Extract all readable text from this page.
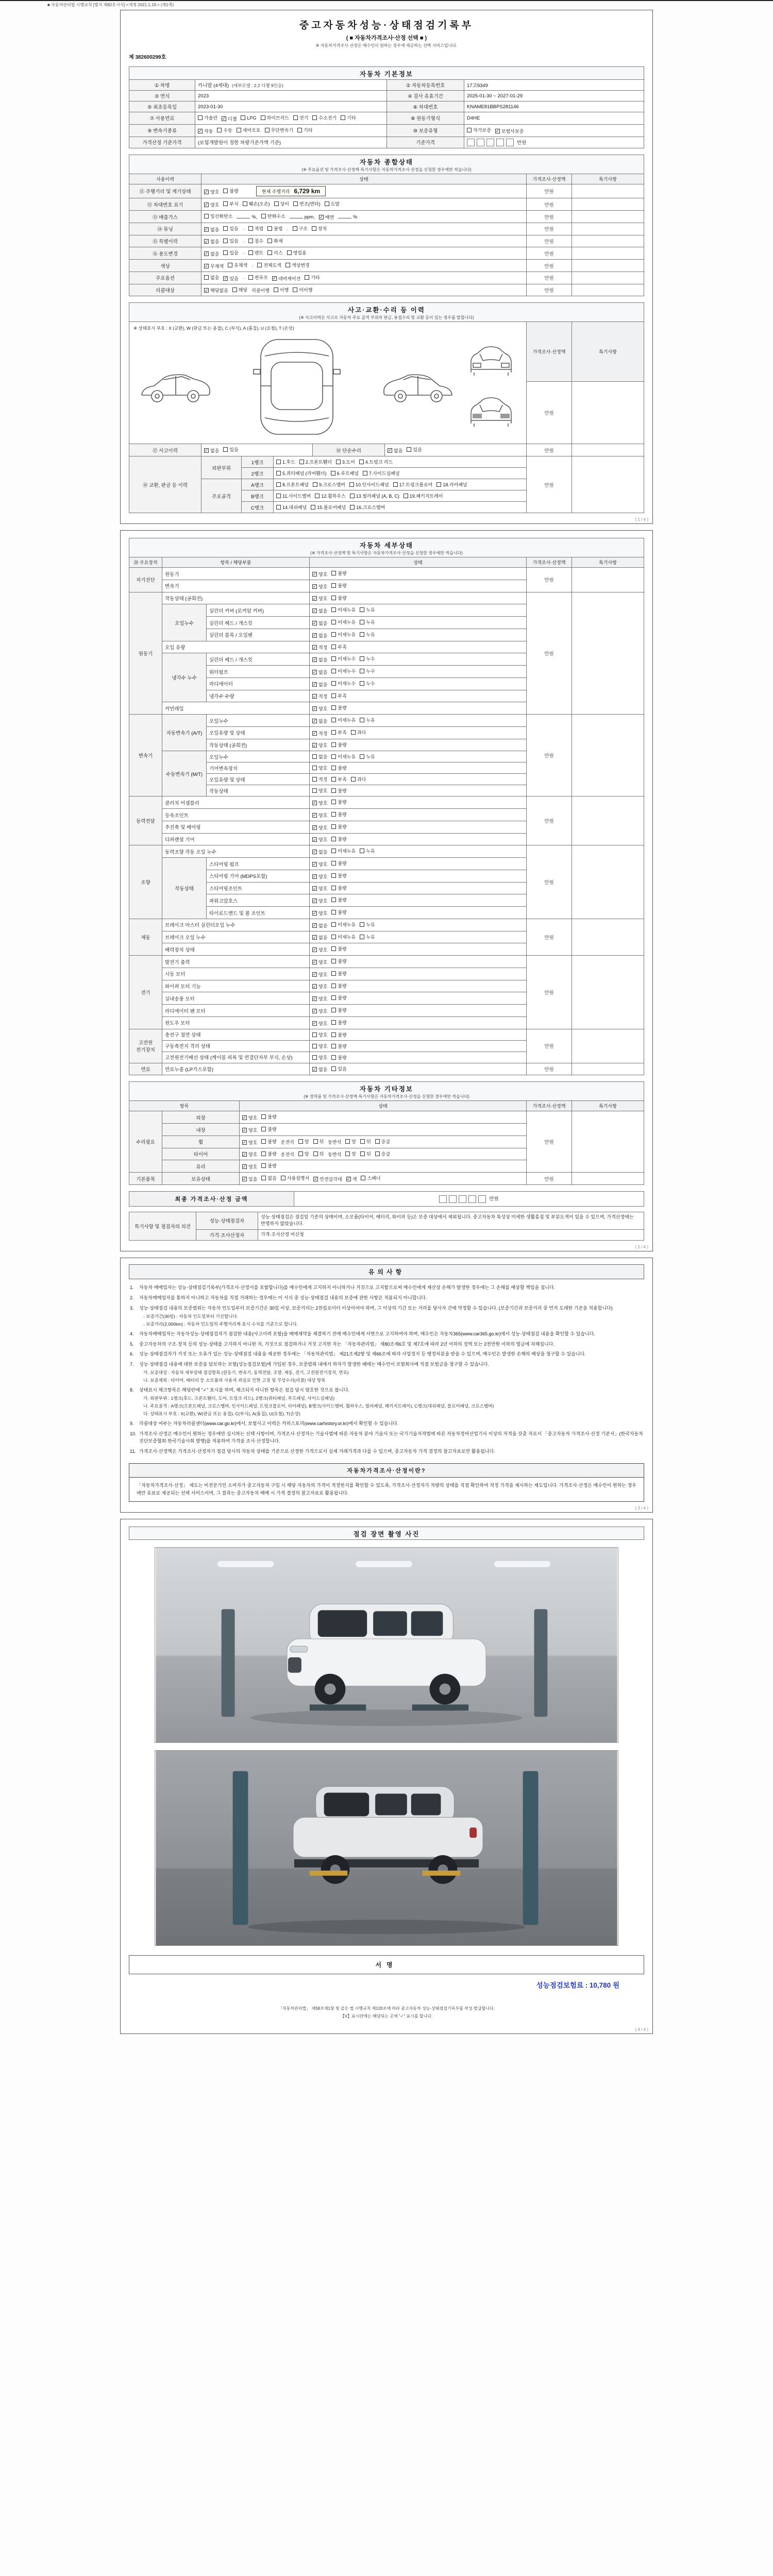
■ 자동차관리법 시행규칙 [별지 제82호서식] <개정 2021.1.19.> (제1쪽)
중고자동차성능·상태점검기록부
( ■ 자동차가격조사·산정 선택 ■ )
※ 자동차가격조사·산정은 매수인이 원하는 경우에 제공하는 선택 서비스입니다.
제 382600299호
자동차 기본정보
① 차명	카니발 (4세대) (세부모델 : 2.2 디젤 9인승)	② 자동차등록번호	17고9349
③ 연식	2023	④ 검사 유효기간	2025-01-30 ~ 2027-01-29
⑤ 최초등록일	2023-01-30	⑥ 차대번호	KNAME81BBPS281146
⑦ 사용연료	가솔린 ✓ 디젤 LPG 하이브리드 전기 수소전기 기타	⑧ 원동기형식	D4HE
⑨ 변속기종류	✓ 자동 수동 세미오토 무단변속기 기타	⑩ 보증유형	자가보증 ✓ 보험사보증

가격산정 기준가격	(보험개발원이 정한 차량기준가액 기준)	기준가격	만원
자동차 종합상태
(※ 주요옵션 및 가격조사·산정액·특기사항은 자동차가격조사·산정을 신청한 경우에만 적습니다)
사용이력	상태	가격조사·산정액	특기사항
⑪ 주행거리 및 계기상태	✓ 양호 불량 현재 주행거리 6,729 km	만원	
⑫ 차대번호 표기	✓ 양호 부식 훼손(오손) 상이 변조(변타) 도말	만원	
⑬ 배출가스	일산화탄소	%, 탄화수소	ppm, ✓ 매연	%	만원	
⑭ 튜닝	✓ 없음 있음 · 적법 불법 · 구조 장치	만원	
⑮ 특별이력	✓ 없음 있음 · 침수 화재	만원	
⑯ 용도변경	✓ 없음 있음 · 렌트 리스 영업용	만원	
색상	✓ 무채색 유채색 · 전체도색 색상변경	만원	
주요옵션	없음 ✓ 있음 · 썬루프 ✓ 네비게이션 기타	만원	
리콜대상	✓ 해당없음 해당 리콜이행 이행 미이행	만원	
사고·교환·수리 등 이력
(※ 사고이력은 사고로 자동차 주요 골격 부위의 판금, 용접수리 및 교환 등이 있는 경우를 말합니다)
※ 상태표시 부호 : X (교환), W (판금 또는 용접), C (부식), A (흠집), U (요철), T (손상)				가격조사·산정액	특기사항
				만원	
⑰ 사고이력	✓ 없음 있음	⑱ 단순수리	✓ 없음 있음	만원	
⑲ 교환, 판금 등 이력	외판부위	1랭크	1.후드 2.프론트휀더 3.도어 4.트렁크 리드	만원	
		2랭크	5.쿼터패널 (리어휀더) 6.루프패널 7.사이드실패널		

	주요골격	A랭크	8.프론트패널 9.크로스멤버 10.인사이드패널 17.트렁크플로어 18.리어패널		

		B랭크	11.사이드멤버 12.휠하우스 13.필러패널 (A, B, C) 19.패키지트레이		

		C랭크	14.대쉬패널 15.플로어패널 16.크로스멤버		
( 1 / 4 )
자동차 세부상태
(※ 가격조사·산정액 및 특기사항은 자동차가격조사·산정을 신청한 경우에만 적습니다)
⑳ 주요장치	항목 / 해당부품		상태	가격조사·산정액	특기사항
자기진단	원동기		✓ 양호 불량	만원	
	변속기		✓ 양호 불량		

원동기	작동상태 (공회전)		✓ 양호 불량	만원	
	오일누수	실린더 커버 (로커암 커버)	✓ 없음 미세누유 누유		

		실린더 헤드 / 개스킷	✓ 없음 미세누유 누유		

		실린더 블록 / 오일팬	✓ 없음 미세누유 누유		

	오일 유량		✓ 적정 부족		

	냉각수 누수	실린더 헤드 / 개스킷	✓ 없음 미세누수 누수		

		워터펌프	✓ 없음 미세누수 누수		

		라디에이터	✓ 없음 미세누수 누수		

		냉각수 수량	✓ 적정 부족		

	커먼레일		✓ 양호 불량		

변속기	자동변속기 (A/T)	오일누수	✓ 없음 미세누유 누유	만원	
		오일유량 및 상태	✓ 적정 부족 과다		

		작동상태 (공회전)	✓ 양호 불량		

	수동변속기 (M/T)	오일누수	없음 미세누유 누유		

		기어변속장치	양호 불량		

		오일유량 및 상태	적정 부족 과다		

		작동상태	양호 불량		

동력전달	클러치 어셈블리		✓ 양호 불량	만원	
	등속조인트		✓ 양호 불량		

	추진축 및 베어링		✓ 양호 불량		

	디퍼렌셜 기어		✓ 양호 불량		

조향	동력조향 작동 오일 누수		✓ 없음 미세누유 누유	만원	
	작동상태	스티어링 펌프	✓ 양호 불량		

		스티어링 기어 (MDPS포함)	✓ 양호 불량		

		스티어링조인트	✓ 양호 불량		

		파워고압호스	✓ 양호 불량		

		타이로드엔드 및 볼 조인트	✓ 양호 불량		

제동	브레이크 마스터 실린더오일 누수		✓ 없음 미세누유 누유	만원	
	브레이크 오일 누수		✓ 없음 미세누유 누유		

	배력장치 상태		✓ 양호 불량		

전기	발전기 출력		✓ 양호 불량	만원	
	시동 모터		✓ 양호 불량		

	와이퍼 모터 기능		✓ 양호 불량		

	실내송풍 모터		✓ 양호 불량		

	라디에이터 팬 모터		✓ 양호 불량		

	윈도우 모터		✓ 양호 불량		

고전원 전기장치	충전구 절연 상태		양호 불량	만원	
	구동축전지 격리 상태		양호 불량		

	고전원전기배선 상태 (케이블 피복 및 연결단자부 부식, 손상)		양호 불량		

연료	연료누출 (LP가스포함)		✓ 없음 있음	만원	
자동차 기타정보
(※ 장착품 및 가격조사·산정액·특기사항은 자동차가격조사·산정을 신청한 경우에만 적습니다)
항목		상태	가격조사·산정액	특기사항
수리필요	외장	✓ 양호 불량	만원	
	내장	✓ 양호 불량		

휠	✓ 양호 불량 운전석 앞 뒤 동반석 앞 뒤 응급

타이어	✓ 양호 불량 운전석 앞 뒤 동반석 앞 뒤 응급

	유리	✓ 양호 불량		

기본품목	보유상태	✓ 있음 없음 사용설명서 ✓ 안전삼각대 ✓ 잭 스패너	만원	
최종 가격조사·산정 금액	만원
특기사항 및 점검자의 의견	성능·상태점검자	성능·상태점검은 점검일 기준의 상태이며, 소모품(타이어, 배터리, 와이퍼 등)은 보증 대상에서 제외됩니다. 중고자동차 특성상 미세한 생활흠집 및 부분도색이 있을 수 있으며, 가격산정에는 반영하지 않았습니다.
	가격·조사산정자	가격·조사산정 미신청
( 2 / 4 )
유의사항
1.	자동차 매매업자는 성능·상태점검기록부(가격조사·산정서를 포함합니다)를 매수인에게 고지하지 아니하거나 거짓으로 고지함으로써 매수인에게 재산상 손해가 발생한 경우에는 그 손해를 배상할 책임을 집니다.
2.	자동차매매업자를 통하지 아니하고 자동차를 직접 거래하는 경우에는 이 서식 중 성능·상태점검 내용의 보증에 관한 사항은 적용되지 아니합니다.
3.	성능·상태점검 내용의 보증범위는 자동차 인도일부터 보증기간은 30일 이상, 보증거리는 2천킬로미터 이상이어야 하며, 그 이상의 기간 또는 거리를 당사자 간에 약정할 수 있습니다. (보증기간과 보증거리 중 먼저 도래한 기준을 적용합니다)
- 보증기간(30일) : 자동차 인도일부터 기산합니다.
- 보증거리(2,000km) : 자동차 인도일의 주행거리계 표시 수치를 기준으로 합니다.
4.	자동차매매업자는 자동차성능·상태점검자가 점검한 내용(사고이력 포함)을 매매계약을 체결하기 전에 매수인에게 서면으로 고지하여야 하며, 매수인은 자동차365(www.car365.go.kr)에서 성능·상태점검 내용을 확인할 수 있습니다.
5.	중고자동차의 구조·장치 등의 성능·상태를 고지하지 아니한 자, 거짓으로 점검하거나 거짓 고지한 자는 「자동차관리법」 제80조제6호 및 제7호에 따라 2년 이하의 징역 또는 2천만원 이하의 벌금에 처해집니다.
6.	성능·상태점검자가 거짓 또는 오류가 있는 성능·상태점검 내용을 제공한 경우에는 「자동차관리법」 제21조제2항 및 제66조에 따라 사업정지 등 행정처분을 받을 수 있으며, 매수인은 발생한 손해의 배상을 청구할 수 있습니다.
7.	성능·상태점검 내용에 대한 보증을 담보하는 보험(성능점검보험)에 가입된 경우, 보증범위 내에서 하자가 발생한 때에는 매수인이 보험회사에 직접 보험금을 청구할 수 있습니다.
가. 보증대상 : 자동차 세부상태 점검항목 (원동기, 변속기, 동력전달, 조향, 제동, 전기, 고전원전기장치, 연료)
나. 보증제외 : 타이어, 배터리 등 소모품과 사용자 과실로 인한 고장 및 무상수리(리콜) 대상 항목
8.	상태표시 체크항목은 해당란에 "✓" 표시를 하며, 체크되지 아니한 항목은 점검 당시 양호한 것으로 봅니다.
가. 외판부위 : 1랭크(후드, 프론트휀더, 도어, 트렁크 리드), 2랭크(쿼터패널, 루프패널, 사이드실패널)
나. 주요골격 : A랭크(프론트패널, 크로스멤버, 인사이드패널, 트렁크플로어, 리어패널), B랭크(사이드멤버, 휠하우스, 필러패널, 패키지트레이), C랭크(대쉬패널, 플로어패널, 크로스멤버)
다. 상태표시 부호 : X(교환), W(판금 또는 용접), C(부식), A(흠집), U(요철), T(손상)
9.	리콜대상 여부는 자동차리콜센터(www.car.go.kr)에서, 보험사고 이력은 카히스토리(www.carhistory.or.kr)에서 확인할 수 있습니다.
10. 가격조사·산정은 매수인이 원하는 경우에만 실시하는 선택 사항이며, 가격조사·산정자는 기술사법에 따른 자동차 분야 기술사 또는 국가기술자격법에 따른 자동차정비산업기사 이상의 자격을 갖춘 자로서 「중고자동차 가격조사·산정 기준서」(한국자동차진단보증협회·한국기술사회 발행)를 적용하여 가격을 조사·산정합니다.
11. 가격조사·산정액은 가격조사·산정자가 점검 당시의 자동차 상태를 기준으로 산정한 가격으로서 실제 거래가격과 다를 수 있으며, 중고자동차 가격 결정의 참고자료로만 활용됩니다.
자동차가격조사·산정이란?
「자동차가격조사·산정」 제도는 비전문가인 소비자가 중고자동차 구입 시 해당 자동차의 가격이 적정한지를 확인할 수 있도록, 가격조사·산정자가 차량의 상태를 직접 확인하여 적정 가격을 제시하는 제도입니다. 가격조사·산정은 매수인이 원하는 경우에만 유료로 제공되는 선택 서비스이며, 그 결과는 중고자동차 매매 시 가격 결정의 참고자료로 활용됩니다.
( 3 / 4 )
점검 장면 촬영 사진
서명
성능점검보험료 : 10,780 원
「자동차관리법」 제58조제1항 및 같은 법 시행규칙 제120조에 따라 중고자동차 성능·상태점검기록부를 작성·발급합니다.
【V】표시란에는 해당되는 곳에 "✓" 표시를 합니다.
( 4 / 4 )
